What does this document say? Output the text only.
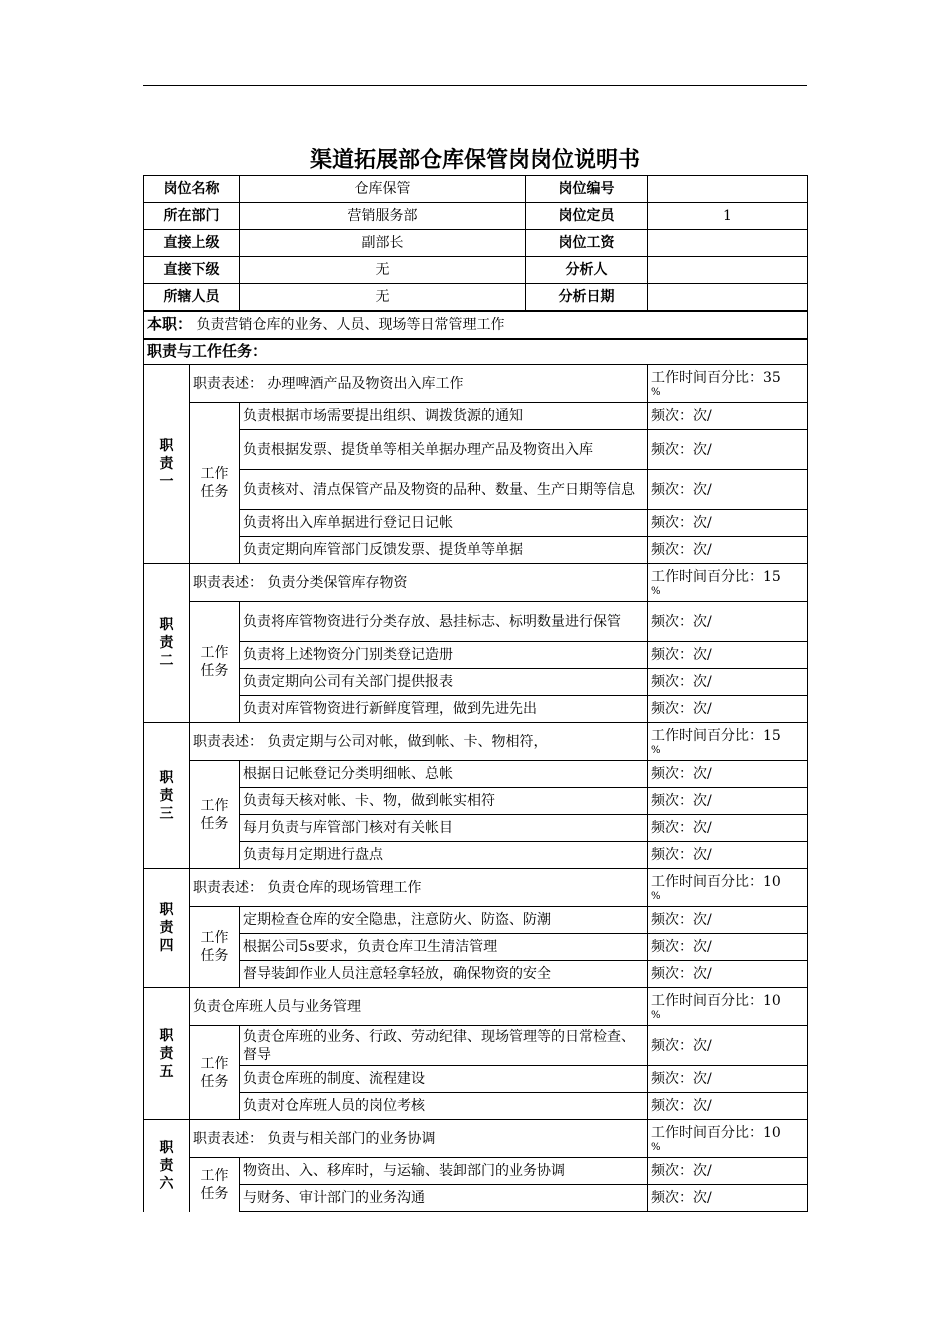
渠道拓展部仓库保管岗岗位说明书
岗位名称		仓库保管	岗位编号	
所在部门		营销服务部	岗位定员	1
直接上级		副部长	岗位工资	
直接下级		无	分析人	
所辖人员		无	分析日期	
本职： 负责营销仓库的业务、人员、现场等日常管理工作				
职责与工作任务：				
职
责
一	职责表述： 办理啤酒产品及物资出入库工作			工作时间百分比：35
%

	工作
任务	负责根据市场需要提出组织、调拨货源的通知		频次：次/
		负责根据发票、提货单等相关单据办理产品及物资出入库		频次：次/
		负责核对、清点保管产品及物资的品种、数量、生产日期等信息		频次：次/
		负责将出入库单据进行登记日记帐		频次：次/
		负责定期向库管部门反馈发票、提货单等单据		频次：次/
职
责
二	职责表述： 负责分类保管库存物资			工作时间百分比：15
%

	工作
任务	负责将库管物资进行分类存放、悬挂标志、标明数量进行保管		频次：次/
		负责将上述物资分门别类登记造册		频次：次/
		负责定期向公司有关部门提供报表		频次：次/
		负责对库管物资进行新鲜度管理，做到先进先出		频次：次/
职
责
三	职责表述： 负责定期与公司对帐，做到帐、卡、物相符，			工作时间百分比：15
%

	工作
任务	根据日记帐登记分类明细帐、总帐		频次：次/
		负责每天核对帐、卡、物，做到帐实相符		频次：次/
		每月负责与库管部门核对有关帐目		频次：次/
		负责每月定期进行盘点		频次：次/
职
责
四	职责表述： 负责仓库的现场管理工作			工作时间百分比：10
%

	工作
任务	定期检查仓库的安全隐患，注意防火、防盗、防潮		频次：次/
		根据公司5s要求，负责仓库卫生清洁管理		频次：次/
		督导装卸作业人员注意轻拿轻放，确保物资的安全		频次：次/
职
责
五	负责仓库班人员与业务管理			工作时间百分比：10
%

	工作
任务	负责仓库班的业务、行政、劳动纪律、现场管理等的日常检查、督导		频次：次/
		负责仓库班的制度、流程建设		频次：次/
		负责对仓库班人员的岗位考核		频次：次/
职
责
六	职责表述： 负责与相关部门的业务协调			工作时间百分比：10
%

	工作
任务	物资出、入、移库时，与运输、装卸部门的业务协调		频次：次/
		与财务、审计部门的业务沟通		频次：次/
